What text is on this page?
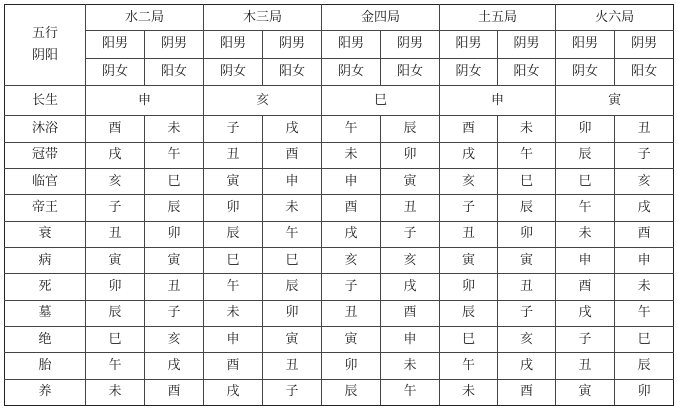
五行
阴阳	水二局		木三局		金四局		土五局		火六局	
	阳男	阴男	阳男	阴男	阳男	阴男	阳男	阴男	阳男	阴男
	阴女	阳女	阴女	阳女	阴女	阳女	阴女	阳女	阴女	阳女
长生	申		亥		巳		申		寅	
沐浴	酉	未	子	戌	午	辰	酉	未	卯	丑
冠带	戌	午	丑	酉	未	卯	戌	午	辰	子
临官	亥	巳	寅	申	申	寅	亥	巳	巳	亥
帝王	子	辰	卯	未	酉	丑	子	辰	午	戌
衰	丑	卯	辰	午	戌	子	丑	卯	未	酉
病	寅	寅	巳	巳	亥	亥	寅	寅	申	申
死	卯	丑	午	辰	子	戌	卯	丑	酉	未
墓	辰	子	未	卯	丑	酉	辰	子	戌	午
绝	巳	亥	申	寅	寅	申	巳	亥	子	巳
胎	午	戌	酉	丑	卯	未	午	戌	丑	辰
养	未	酉	戌	子	辰	午	未	酉	寅	卯
